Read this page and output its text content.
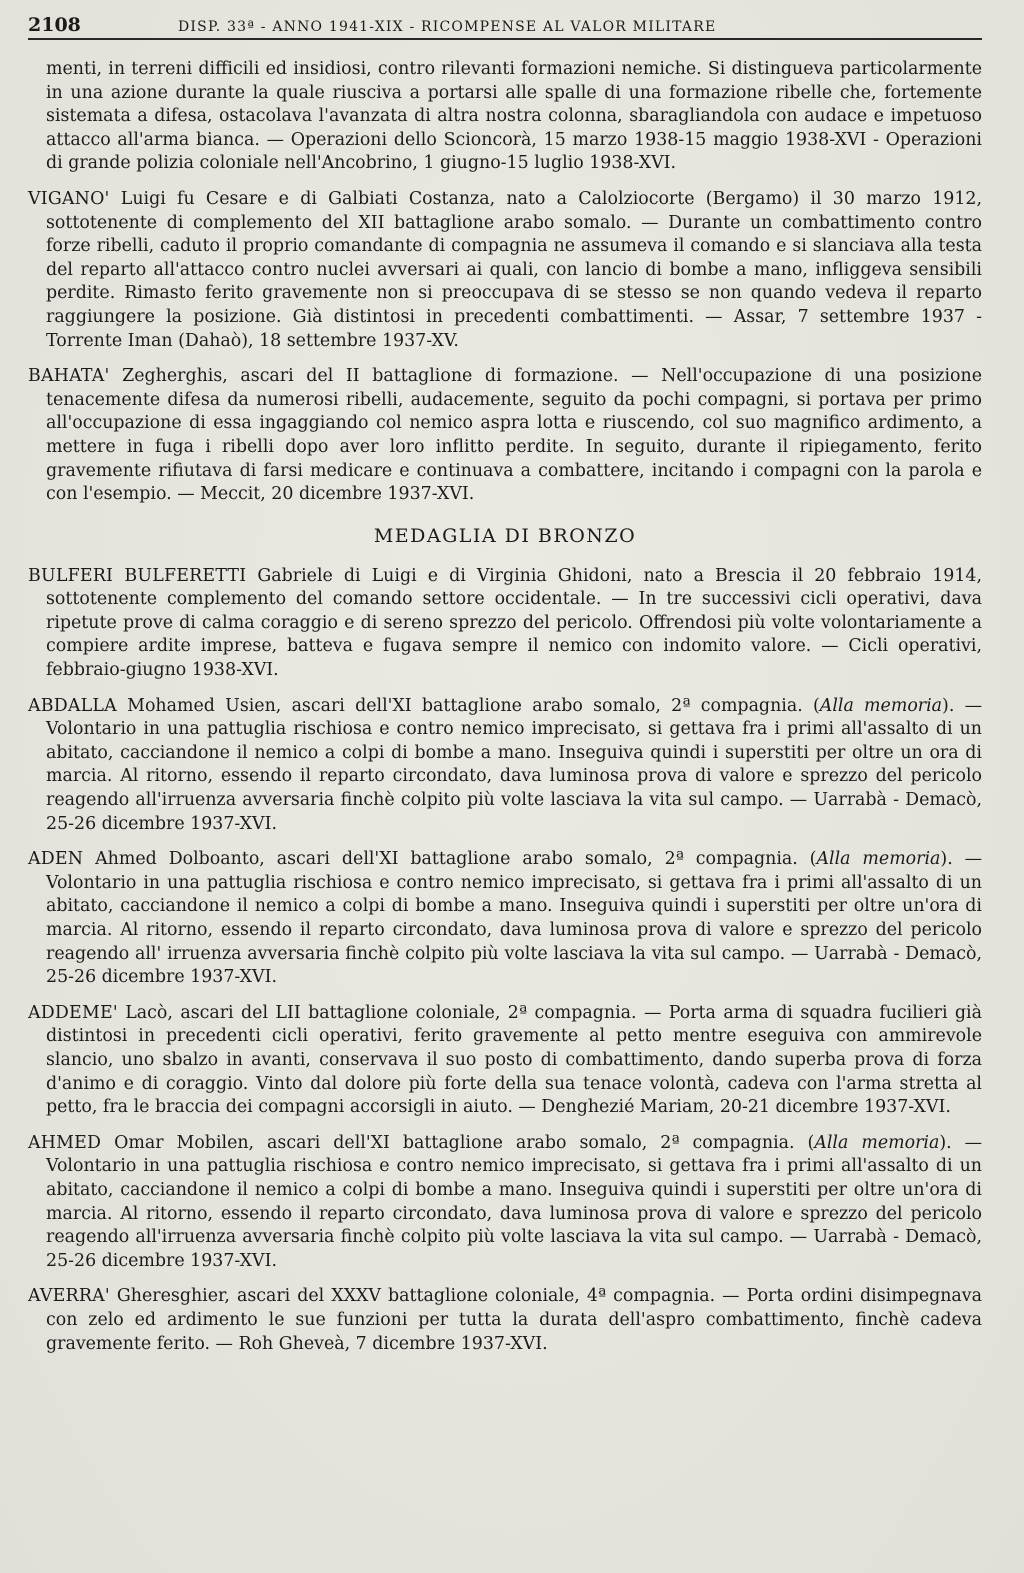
2108	DISP. 33ª - ANNO 1941-XIX - RICOMPENSE AL VALOR MILITARE

menti, in terreni difficili ed insidiosi, contro rilevanti formazioni nemiche. Si distingueva particolarmente in una azione durante la quale riusciva a portarsi alle spalle di una formazione ribelle che, fortemente sistemata a difesa, ostacolava l'avanzata di altra nostra colonna, sbaragliandola con audace e impetuoso attacco all'arma bianca. — Operazioni dello Scioncorà, 15 marzo 1938-15 maggio 1938-XVI - Operazioni di grande polizia coloniale nell'Ancobrino, 1 giugno-15 luglio 1938-XVI.

VIGANO' Luigi fu Cesare e di Galbiati Costanza, nato a Calolziocorte (Bergamo) il 30 marzo 1912, sottotenente di complemento del XII battaglione arabo somalo. — Durante un combattimento contro forze ribelli, caduto il proprio comandante di compagnia ne assumeva il comando e si slanciava alla testa del reparto all'attacco contro nuclei avversari ai quali, con lancio di bombe a mano, infliggeva sensibili perdite. Rimasto ferito gravemente non si preoccupava di se stesso se non quando vedeva il reparto raggiungere la posizione. Già distintosi in precedenti combattimenti. — Assar, 7 settembre 1937 - Torrente Iman (Dahaò), 18 settembre 1937-XV.

BAHATA' Zegherghis, ascari del II battaglione di formazione. — Nell'occupazione di una posizione tenacemente difesa da numerosi ribelli, audacemente, seguito da pochi compagni, si portava per primo all'occupazione di essa ingaggiando col nemico aspra lotta e riuscendo, col suo magnifico ardimento, a mettere in fuga i ribelli dopo aver loro inflitto perdite. In seguito, durante il ripiegamento, ferito gravemente rifiutava di farsi medicare e continuava a combattere, incitando i compagni con la parola e con l'esempio. — Meccit, 20 dicembre 1937-XVI.

MEDAGLIA DI BRONZO

BULFERI BULFERETTI Gabriele di Luigi e di Virginia Ghidoni, nato a Brescia il 20 febbraio 1914, sottotenente complemento del comando settore occidentale. — In tre successivi cicli operativi, dava ripetute prove di calma coraggio e di sereno sprezzo del pericolo. Offrendosi più volte volontariamente a compiere ardite imprese, batteva e fugava sempre il nemico con indomito valore. — Cicli operativi, febbraio-giugno 1938-XVI.

ABDALLA Mohamed Usien, ascari dell'XI battaglione arabo somalo, 2ª compagnia. (Alla memoria). — Volontario in una pattuglia rischiosa e contro nemico imprecisato, si gettava fra i primi all'assalto di un abitato, cacciandone il nemico a colpi di bombe a mano. Inseguiva quindi i superstiti per oltre un ora di marcia. Al ritorno, essendo il reparto circondato, dava luminosa prova di valore e sprezzo del pericolo reagendo all'irruenza avversaria finchè colpito più volte lasciava la vita sul campo. — Uarrabà - Demacò, 25-26 dicembre 1937-XVI.

ADEN Ahmed Dolboanto, ascari dell'XI battaglione arabo somalo, 2ª compagnia. (Alla memoria). — Volontario in una pattuglia rischiosa e contro nemico imprecisato, si gettava fra i primi all'assalto di un abitato, cacciandone il nemico a colpi di bombe a mano. Inseguiva quindi i superstiti per oltre un'ora di marcia. Al ritorno, essendo il reparto circondato, dava luminosa prova di valore e sprezzo del pericolo reagendo all' irruenza avversaria finchè colpito più volte lasciava la vita sul campo. — Uarrabà - Demacò, 25-26 dicembre 1937-XVI.

ADDEME' Lacò, ascari del LII battaglione coloniale, 2ª compagnia. — Porta arma di squadra fucilieri già distintosi in precedenti cicli operativi, ferito gravemente al petto mentre eseguiva con ammirevole slancio, uno sbalzo in avanti, conservava il suo posto di combattimento, dando superba prova di forza d'animo e di coraggio. Vinto dal dolore più forte della sua tenace volontà, cadeva con l'arma stretta al petto, fra le braccia dei compagni accorsigli in aiuto. — Denghezié Mariam, 20-21 dicembre 1937-XVI.

AHMED Omar Mobilen, ascari dell'XI battaglione arabo somalo, 2ª compagnia. (Alla memoria). — Volontario in una pattuglia rischiosa e contro nemico imprecisato, si gettava fra i primi all'assalto di un abitato, cacciandone il nemico a colpi di bombe a mano. Inseguiva quindi i superstiti per oltre un'ora di marcia. Al ritorno, essendo il reparto circondato, dava luminosa prova di valore e sprezzo del pericolo reagendo all'irruenza avversaria finchè colpito più volte lasciava la vita sul campo. — Uarrabà - Demacò, 25-26 dicembre 1937-XVI.

AVERRA' Gheresghier, ascari del XXXV battaglione coloniale, 4ª compagnia. — Porta ordini disimpegnava con zelo ed ardimento le sue funzioni per tutta la durata dell'aspro combattimento, finchè cadeva gravemente ferito. — Roh Gheveà, 7 dicembre 1937-XVI.
